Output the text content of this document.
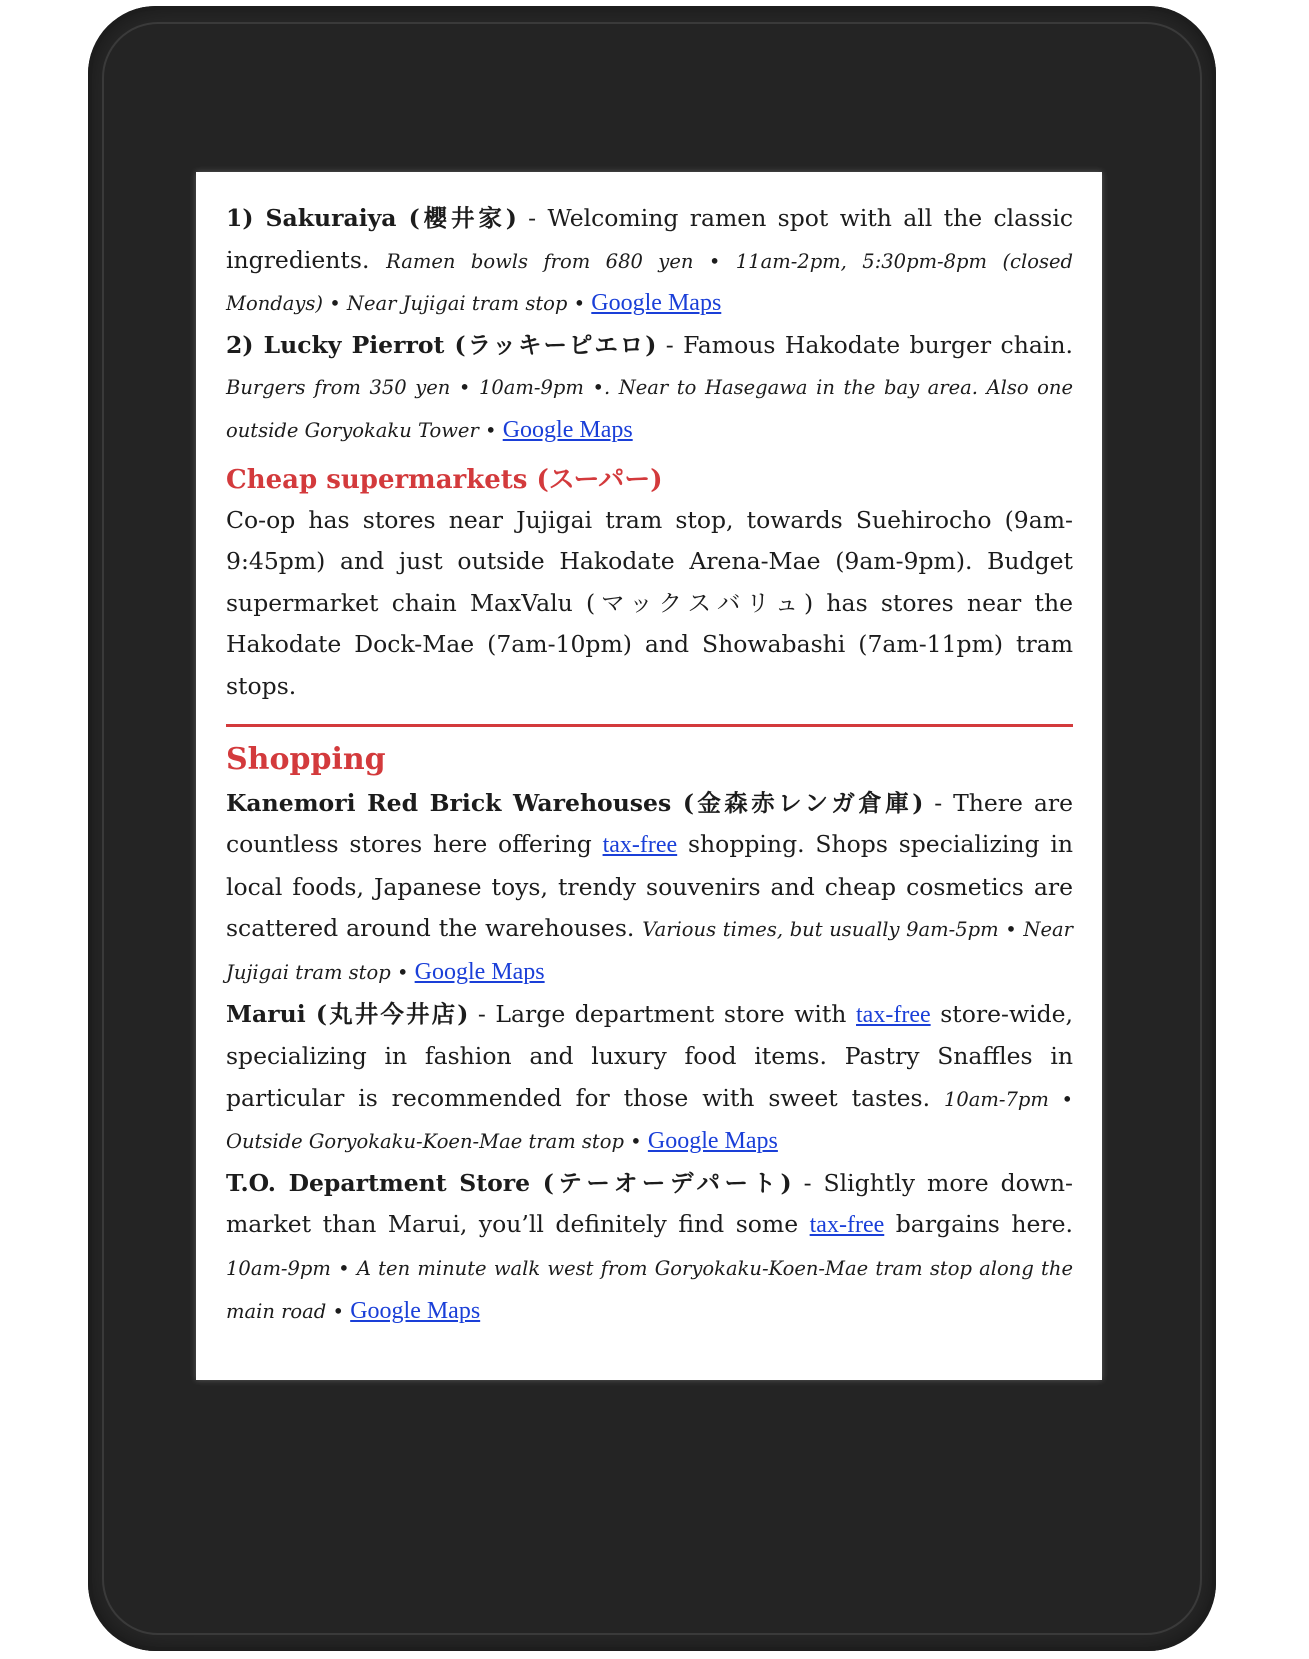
1) Sakuraiya (櫻井家) - Welcoming ramen spot with all the classic ingredients. Ramen bowls from 680 yen • 11am-2pm, 5:30pm-8pm (closed Mondays) • Near Jujigai tram stop • Google Maps

2) Lucky Pierrot (ラッキーピエロ) - Famous Hakodate burger chain. Burgers from 350 yen • 10am-9pm •. Near to Hasegawa in the bay area. Also one outside Goryokaku Tower • Google Maps

Cheap supermarkets (スーパー)

Co-op has stores near Jujigai tram stop, towards Suehirocho (9am-9:45pm) and just outside Hakodate Arena-Mae (9am-9pm). Budget supermarket chain MaxValu (マックスバリュ) has stores near the Hakodate Dock-Mae (7am-10pm) and Showabashi (7am-11pm) tram stops.

Shopping

Kanemori Red Brick Warehouses (金森赤レンガ倉庫) - There are countless stores here offering tax-free shopping. Shops specializing in local foods, Japanese toys, trendy souvenirs and cheap cosmetics are scattered around the warehouses. Various times, but usually 9am-5pm • Near Jujigai tram stop • Google Maps

Marui (丸井今井店) - Large department store with tax-free store-wide, specializing in fashion and luxury food items. Pastry Snaffles in particular is recommended for those with sweet tastes. 10am-7pm • Outside Goryokaku-Koen-Mae tram stop • Google Maps

T.O. Department Store (テーオーデパート) - Slightly more down-market than Marui, you’ll definitely find some tax-free bargains here. 10am-9pm • A ten minute walk west from Goryokaku-Koen-Mae tram stop along the main road • Google Maps
